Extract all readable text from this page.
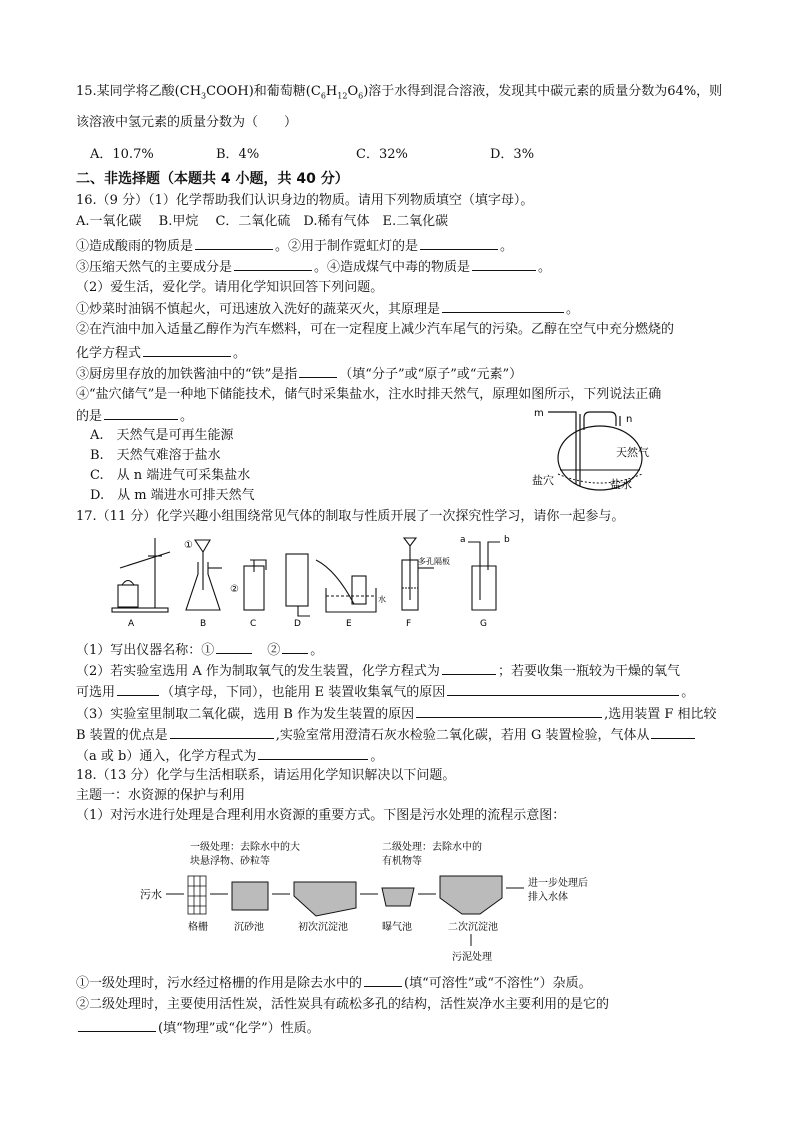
15.某同学将乙酸$(CH_3COOH)$和葡萄糖$(C_6H_{12}O_6)$溶于水得到混合溶液，发现其中碳元素的质量分数为64%，则
该溶液中氢元素的质量分数为（　　）
A．10.7%	B．4%	C．32%	D．3%
二、非选择题（本题共 4 小题，共 40 分）
16.（9 分）（1）化学帮助我们认识身边的物质。请用下列物质填空（填字母）。
A.一氧化碳　 B.甲烷　 C．二氧化硫　D.稀有气体　E.二氧化碳
①造成酸雨的物质是	。②用于制作霓虹灯的是	。
③压缩天然气的主要成分是	。④造成煤气中毒的物质是	。
（2）爱生活，爱化学。请用化学知识回答下列问题。
①炒菜时油锅不慎起火，可迅速放入洗好的蔬菜灭火，其原理是	。
②在汽油中加入适量乙醇作为汽车燃料，可在一定程度上减少汽车尾气的污染。乙醇在空气中充分燃烧的
化学方程式	。
③厨房里存放的加铁酱油中的“铁”是指	（填“分子”或“原子”或“元素”）
④“盐穴储气”是一种地下储能技术，储气时采集盐水，注水时排天然气，原理如图所示，下列说法正确
的是	。
A.　天然气是可再生能源
B.　天然气难溶于盐水
C.　从 n 端进气可采集盐水
D.　从 m 端进水可排天然气
m
n
天然气
盐穴	盐水
17.（11 分）化学兴趣小组围绕常见气体的制取与性质开展了一次探究性学习，请你一起参与。
A
①
B
②
C	D	E
水
多孔隔板
F
a	b
G
（1）写出仪器名称：①	　② 。
（2）若实验室选用 A 作为制取氧气的发生装置，化学方程式为	；若要收集一瓶较为干燥的氧气
可选用	（填字母，下同），也能用 E 装置收集氧气的原因	。
（3）实验室里制取二氧化碳，选用 B 作为发生装置的原因	,选用装置 F 相比较
B 装置的优点是	,实验室常用澄清石灰水检验二氧化碳，若用 G 装置检验，气体从
（a 或 b）通入，化学方程式为	。
18.（13 分）化学与生活相联系，请运用化学知识解决以下问题。
主题一：水资源的保护与利用
（1）对污水进行处理是合理利用水资源的重要方式。下图是污水处理的流程示意图：
一级处理：去除水中的大
块悬浮物、砂粒等
二级处理：去除水中的
有机物等
污水
格栅	沉砂池	初次沉淀池	曝气池	二次沉淀池
污泥处理
进一步处理后
排入水体
①一级处理时，污水经过格栅的作用是除去水中的	(填“可溶性”或“不溶性”）杂质。
②二级处理时，主要使用活性炭，活性炭具有疏松多孔的结构，活性炭净水主要利用的是它的
(填“物理”或“化学”）性质。
